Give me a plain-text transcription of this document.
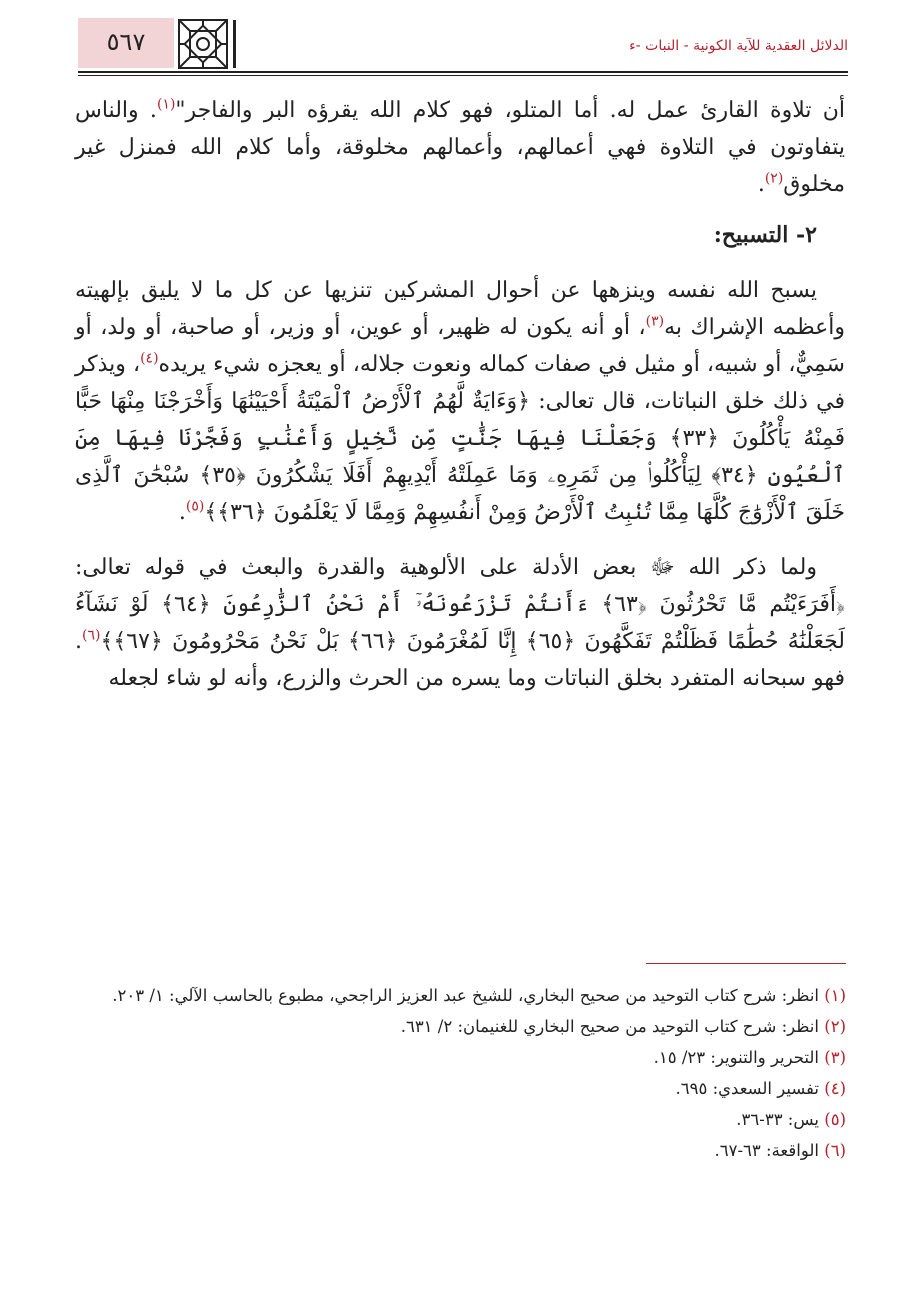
٥٦٧	الدلائل العقدية للآية الكونية - النبات -ء

أن تلاوة القارئ عمل له. أما المتلو، فهو كلام الله يقرؤه البر والفاجر"$^{(١)}$. والناس يتفاوتون في التلاوة فهي أعمالهم، وأعمالهم مخلوقة، وأما كلام الله فمنزل غير مخلوق$^{(٢)}$.

٢- التسبيح:

يسبح الله نفسه وينزهها عن أحوال المشركين تنزيها عن كل ما لا يليق بإلهيته وأعظمه الإشراك به$^{(٣)}$، أو أنه يكون له ظهير، أو عوين، أو وزير، أو صاحبة، أو ولد، أو سَمِيٌّ، أو شبيه، أو مثيل في صفات كماله ونعوت جلاله، أو يعجزه شيء يريده$^{(٤)}$، ويذكر في ذلك خلق النباتات، قال تعالى: ﴿وَءَايَةٌ لَّهُمُ ٱلْأَرْضُ ٱلْمَيْتَةُ أَحْيَيْنَٰهَا وَأَخْرَجْنَا مِنْهَا حَبًّا فَمِنْهُ يَأْكُلُونَ ﴿٣٣﴾ وَجَعَلْنَا فِيهَا جَنَّٰتٍ مِّن نَّخِيلٍ وَأَعْنَٰبٍ وَفَجَّرْنَا فِيهَا مِنَ ٱلْعُيُونِ ﴿٣٤﴾ لِيَأْكُلُوا۟ مِن ثَمَرِهِۦ وَمَا عَمِلَتْهُ أَيْدِيهِمْ أَفَلَا يَشْكُرُونَ ﴿٣٥﴾ سُبْحَٰنَ ٱلَّذِى خَلَقَ ٱلْأَزْوَٰجَ كُلَّهَا مِمَّا تُنۢبِتُ ٱلْأَرْضُ وَمِنْ أَنفُسِهِمْ وَمِمَّا لَا يَعْلَمُونَ ﴿٣٦﴾﴾$^{(٥)}$.

ولما ذكر الله ﷻ بعض الأدلة على الألوهية والقدرة والبعث في قوله تعالى: ﴿أَفَرَءَيْتُم مَّا تَحْرُثُونَ ﴿٦٣﴾ ءَأَنتُمْ تَزْرَعُونَهُۥٓ أَمْ نَحْنُ ٱلزَّٰرِعُونَ ﴿٦٤﴾ لَوْ نَشَآءُ لَجَعَلْنَٰهُ حُطَٰمًا فَظَلْتُمْ تَفَكَّهُونَ ﴿٦٥﴾ إِنَّا لَمُغْرَمُونَ ﴿٦٦﴾ بَلْ نَحْنُ مَحْرُومُونَ ﴿٦٧﴾﴾$^{(٦)}$. فهو سبحانه المتفرد بخلق النباتات وما يسره من الحرث والزرع، وأنه لو شاء لجعله

(١) انظر: شرح كتاب التوحيد من صحيح البخاري، للشيخ عبد العزيز الراجحي، مطبوع بالحاسب الآلي: ١/ ٢٠٣.

(٢) انظر: شرح كتاب التوحيد من صحيح البخاري للغنيمان: ٢/ ٦٣١.

(٣) التحرير والتنوير: ٢٣/ ١٥.

(٤) تفسير السعدي: ٦٩٥.

(٥) يس: ٣٣-٣٦.

(٦) الواقعة: ٦٣-٦٧.
